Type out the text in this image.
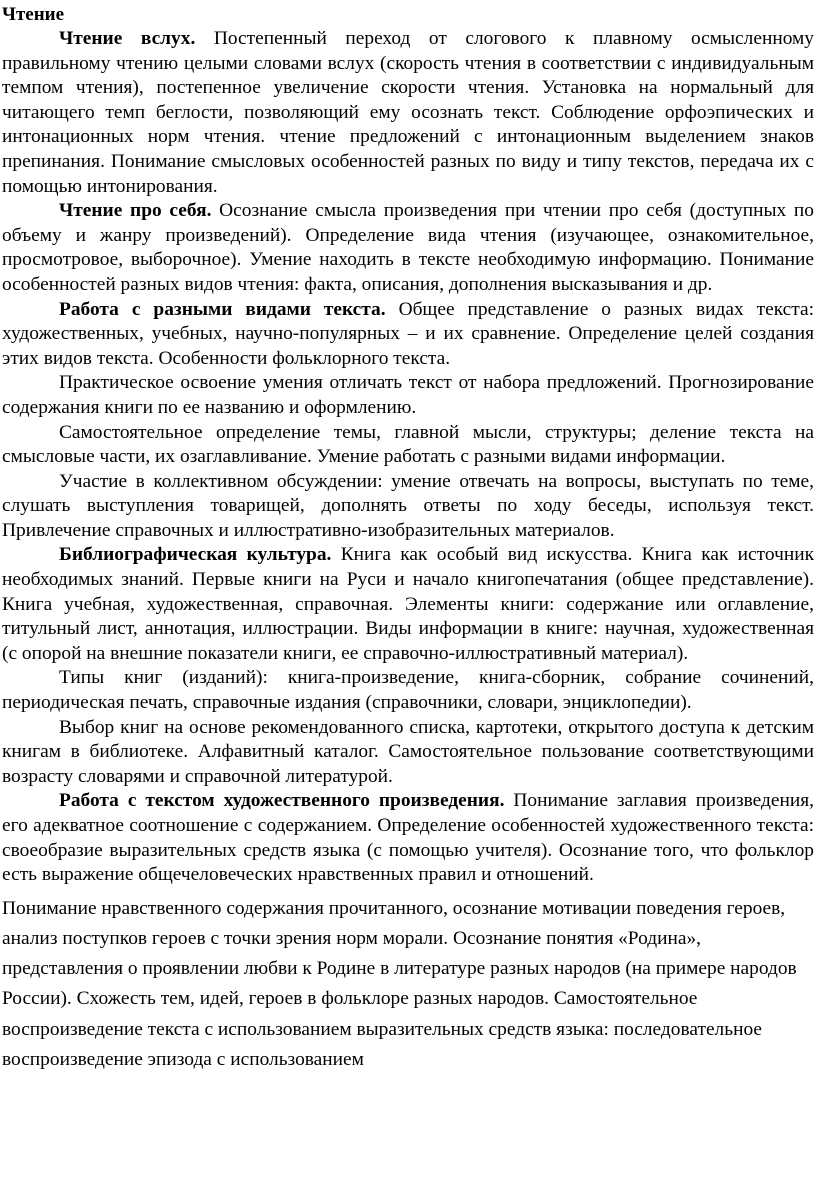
Чтение

Чтение вслух. Постепенный переход от слогового к плавному осмысленному правильному чтению целыми словами вслух (скорость чтения в соответствии с индивидуальным темпом чтения), постепенное увеличение скорости чтения. Установка на нормальный для читающего темп беглости, позволяющий ему осознать текст. Соблюдение орфоэпических и интонационных норм чтения. чтение предложений с интонационным выделением знаков препинания. Понимание смысловых особенностей разных по виду и типу текстов, передача их с помощью интонирования.

Чтение про себя. Осознание смысла произведения при чтении про себя (доступных по объему и жанру произведений). Определение вида чтения (изучающее, ознакомительное, просмотровое, выборочное). Умение находить в тексте необходимую информацию. Понимание особенностей разных видов чтения: факта, описания, дополнения высказывания и др.

Работа с разными видами текста. Общее представление о разных видах текста: художественных, учебных, научно-популярных – и их сравнение. Определение целей создания этих видов текста. Особенности фольклорного текста.

Практическое освоение умения отличать текст от набора предложений. Прогнозирование содержания книги по ее названию и оформлению.

Самостоятельное определение темы, главной мысли, структуры; деление текста на смысловые части, их озаглавливание. Умение работать с разными видами информации.

Участие в коллективном обсуждении: умение отвечать на вопросы, выступать по теме, слушать выступления товарищей, дополнять ответы по ходу беседы, используя текст. Привлечение справочных и иллюстративно-изобразительных материалов.

Библиографическая культура. Книга как особый вид искусства. Книга как источник необходимых знаний. Первые книги на Руси и начало книгопечатания (общее представление). Книга учебная, художественная, справочная. Элементы книги: содержание или оглавление, титульный лист, аннотация, иллюстрации. Виды информации в книге: научная, художественная (с опорой на внешние показатели книги, ее справочно-иллюстративный материал).

Типы книг (изданий): книга-произведение, книга-сборник, собрание сочинений, периодическая печать, справочные издания (справочники, словари, энциклопедии).

Выбор книг на основе рекомендованного списка, картотеки, открытого доступа к детским книгам в библиотеке. Алфавитный каталог. Самостоятельное пользование соответствующими возрасту словарями и справочной литературой.

Работа с текстом художественного произведения. Понимание заглавия произведения, его адекватное соотношение с содержанием. Определение особенностей художественного текста: своеобразие выразительных средств языка (с помощью учителя). Осознание того, что фольклор есть выражение общечеловеческих нравственных правил и отношений.

Понимание нравственного содержания прочитанного, осознание мотивации поведения героев, анализ поступков героев с точки зрения норм морали. Осознание понятия «Родина», представления о проявлении любви к Родине в литературе разных народов (на примере народов России). Схожесть тем, идей, героев в фольклоре разных народов. Самостоятельное воспроизведение текста с использованием выразительных средств языка: последовательное воспроизведение эпизода с использованием
